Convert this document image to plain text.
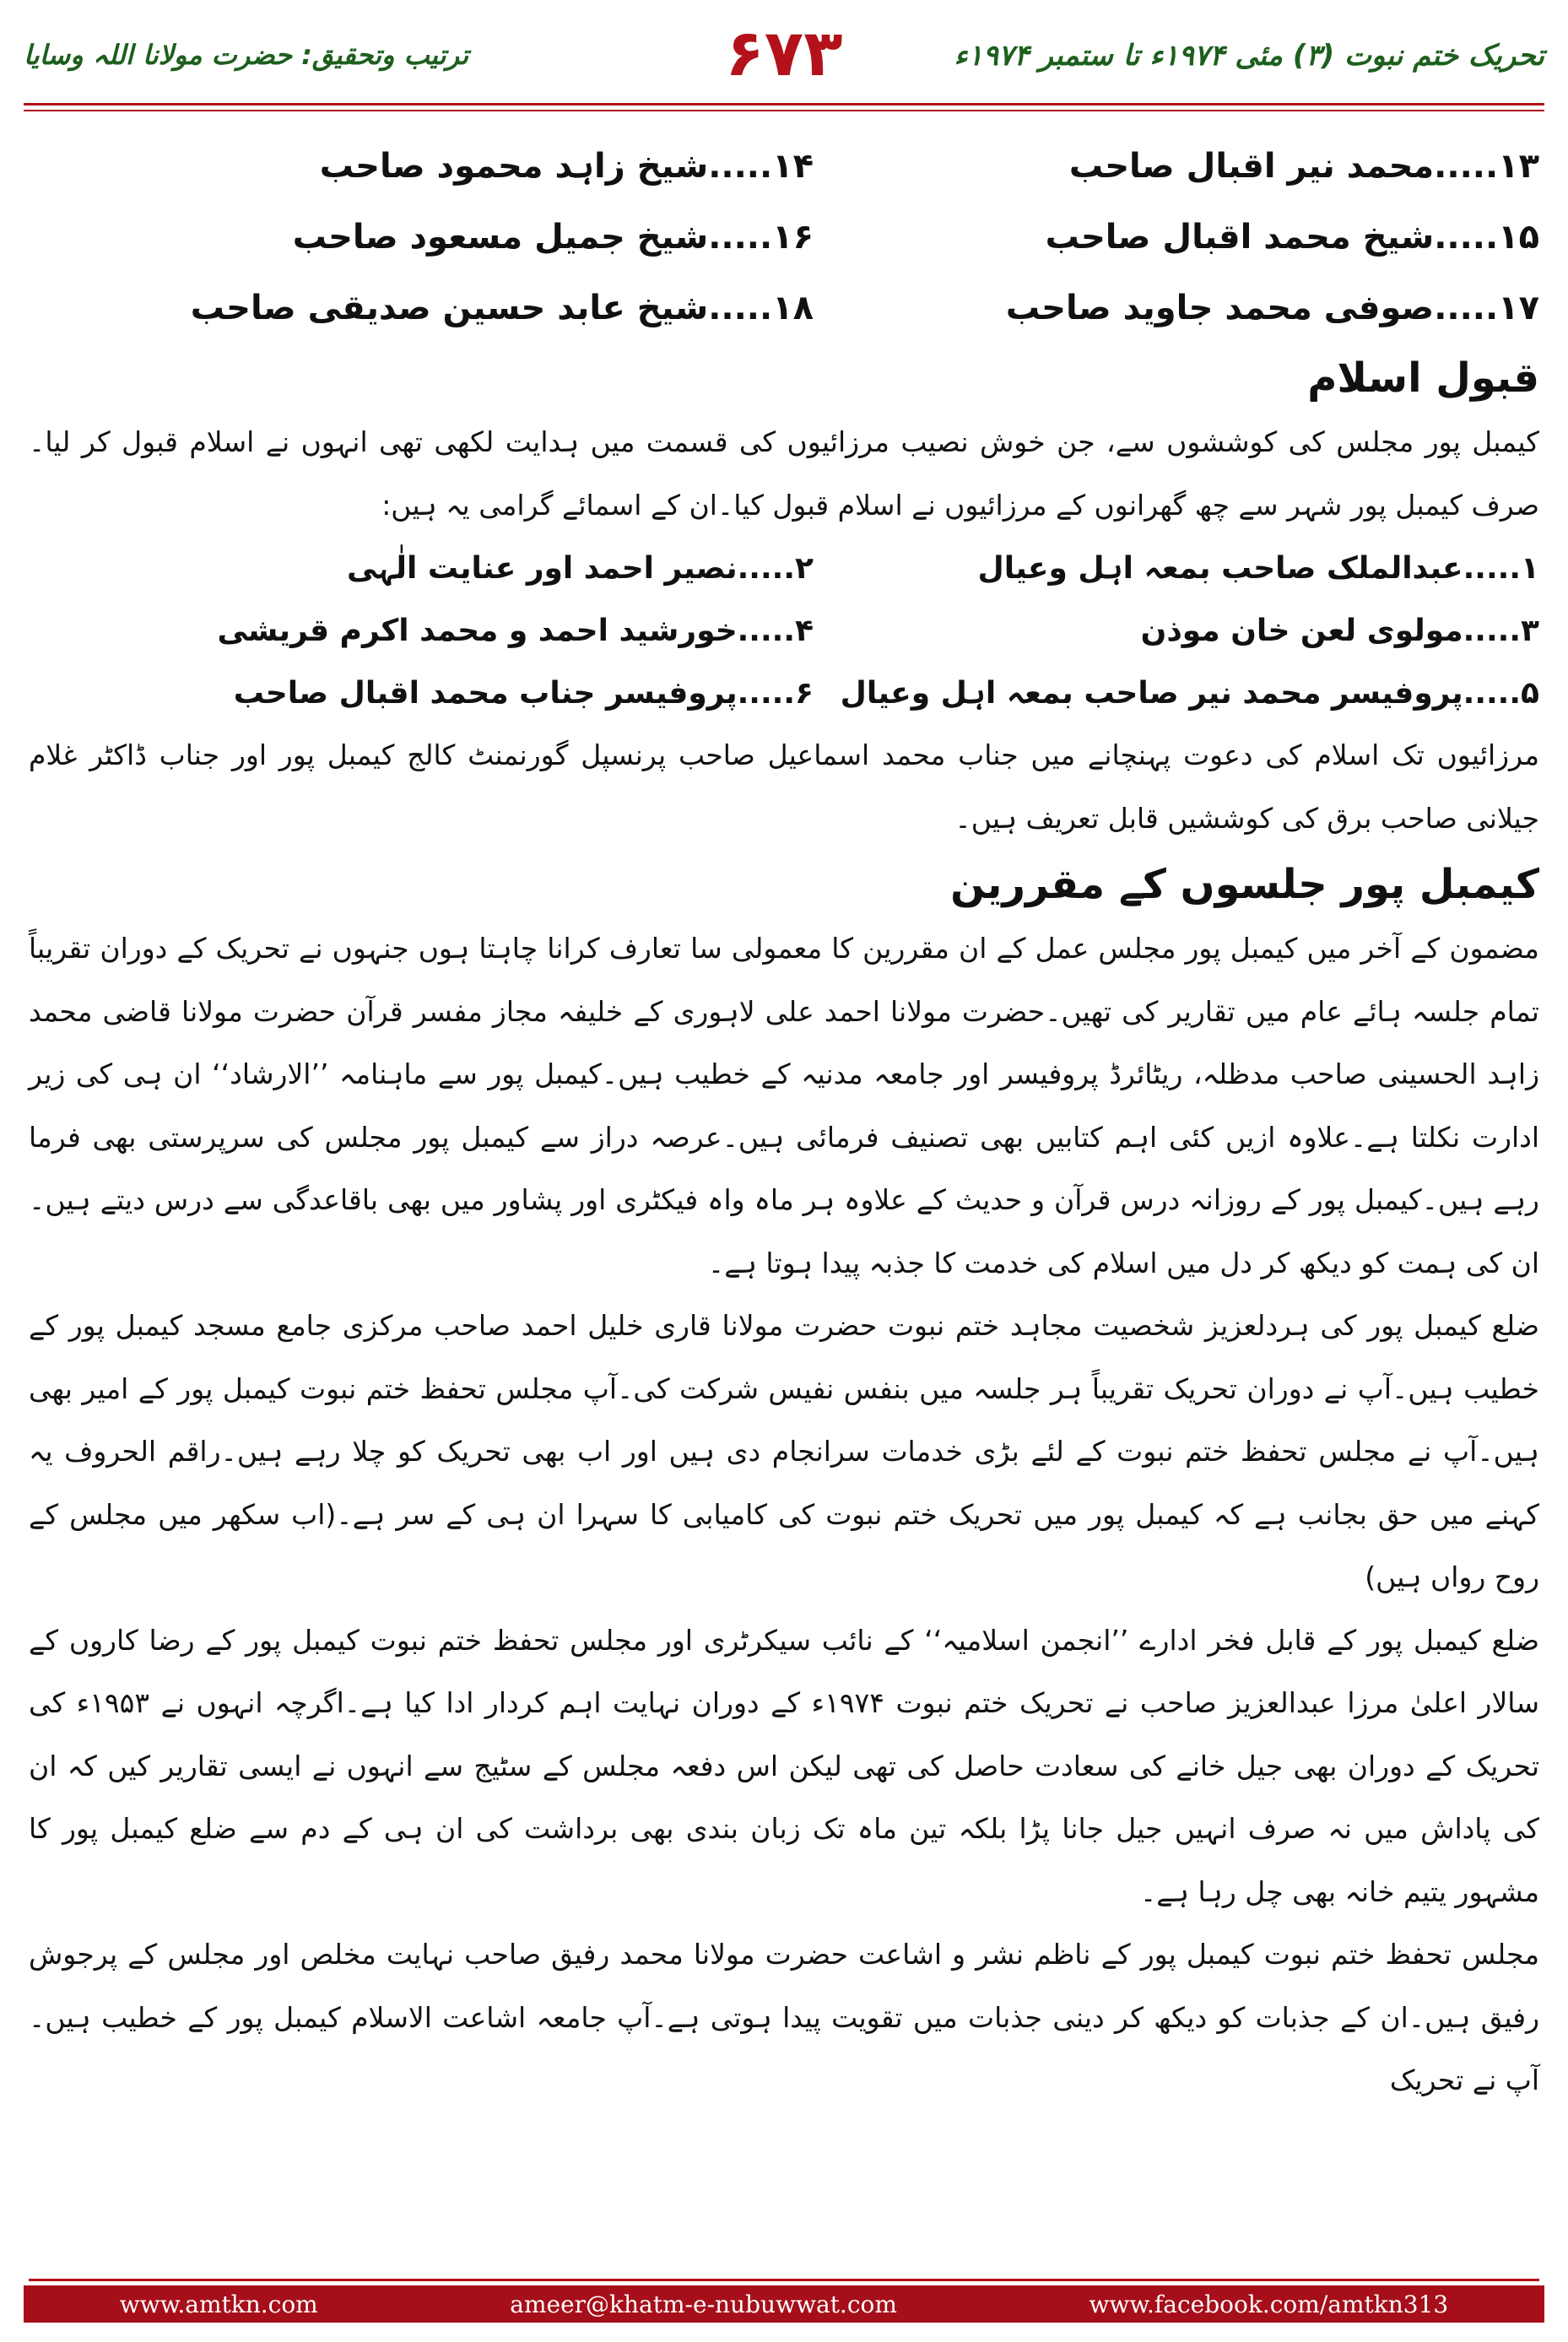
تحریک ختم نبوت (۳) مئی ۱۹۷۴ء تا ستمبر ۱۹۷۴ء
۶۷۳
ترتیب وتحقیق: حضرت مولانا اللہ وسایا
۱۳.....محمد نیر اقبال صاحب
۱۴.....شیخ زاہد محمود صاحب
۱۵.....شیخ محمد اقبال صاحب
۱۶.....شیخ جمیل مسعود صاحب
۱۷.....صوفی محمد جاوید صاحب
۱۸.....شیخ عابد حسین صدیقی صاحب
قبول اسلام

کیمبل پور مجلس کی کوششوں سے، جن خوش نصیب مرزائیوں کی قسمت میں ہدایت لکھی تھی انہوں نے اسلام قبول کر لیا۔صرف کیمبل پور شہر سے چھ گھرانوں کے مرزائیوں نے اسلام قبول کیا۔ان کے اسمائے گرامی یہ ہیں:

۱.....عبدالملک صاحب بمعہ اہل وعیال
۲.....نصیر احمد اور عنایت الٰہی
۳.....مولوی لعن خان موذن
۴.....خورشید احمد و محمد اکرم قریشی
۵.....پروفیسر محمد نیر صاحب بمعہ اہل وعیال
۶.....پروفیسر جناب محمد اقبال صاحب

مرزائیوں تک اسلام کی دعوت پہنچانے میں جناب محمد اسماعیل صاحب پرنسپل گورنمنٹ کالج کیمبل پور اور جناب ڈاکٹر غلام جیلانی صاحب برق کی کوششیں قابل تعریف ہیں۔

کیمبل پور جلسوں کے مقررین

مضمون کے آخر میں کیمبل پور مجلس عمل کے ان مقررین کا معمولی سا تعارف کرانا چاہتا ہوں جنہوں نے تحریک کے دوران تقریباً تمام جلسہ ہائے عام میں تقاریر کی تھیں۔حضرت مولانا احمد علی لاہوری کے خلیفہ مجاز مفسر قرآن حضرت مولانا قاضی محمد زاہد الحسینی صاحب مدظلہ، ریٹائرڈ پروفیسر اور جامعہ مدنیہ کے خطیب ہیں۔کیمبل پور سے ماہنامہ ’’الارشاد‘‘ ان ہی کی زیر ادارت نکلتا ہے۔علاوہ ازیں کئی اہم کتابیں بھی تصنیف فرمائی ہیں۔عرصہ دراز سے کیمبل پور مجلس کی سرپرستی بھی فرما رہے ہیں۔کیمبل پور کے روزانہ درس قرآن و حدیث کے علاوہ ہر ماہ واہ فیکٹری اور پشاور میں بھی باقاعدگی سے درس دیتے ہیں۔ان کی ہمت کو دیکھ کر دل میں اسلام کی خدمت کا جذبہ پیدا ہوتا ہے۔

ضلع کیمبل پور کی ہردلعزیز شخصیت مجاہد ختم نبوت حضرت مولانا قاری خلیل احمد صاحب مرکزی جامع مسجد کیمبل پور کے خطیب ہیں۔آپ نے دوران تحریک تقریباً ہر جلسہ میں بنفس نفیس شرکت کی۔آپ مجلس تحفظ ختم نبوت کیمبل پور کے امیر بھی ہیں۔آپ نے مجلس تحفظ ختم نبوت کے لئے بڑی خدمات سرانجام دی ہیں اور اب بھی تحریک کو چلا رہے ہیں۔راقم الحروف یہ کہنے میں حق بجانب ہے کہ کیمبل پور میں تحریک ختم نبوت کی کامیابی کا سہرا ان ہی کے سر ہے۔(اب سکھر میں مجلس کے روح رواں ہیں)

ضلع کیمبل پور کے قابل فخر ادارے ’’انجمن اسلامیہ‘‘ کے نائب سیکرٹری اور مجلس تحفظ ختم نبوت کیمبل پور کے رضا کاروں کے سالار اعلیٰ مرزا عبدالعزیز صاحب نے تحریک ختم نبوت ۱۹۷۴ء کے دوران نہایت اہم کردار ادا کیا ہے۔اگرچہ انہوں نے ۱۹۵۳ء کی تحریک کے دوران بھی جیل خانے کی سعادت حاصل کی تھی لیکن اس دفعہ مجلس کے سٹیج سے انہوں نے ایسی تقاریر کیں کہ ان کی پاداش میں نہ صرف انہیں جیل جانا پڑا بلکہ تین ماہ تک زبان بندی بھی برداشت کی ان ہی کے دم سے ضلع کیمبل پور کا مشہور یتیم خانہ بھی چل رہا ہے۔

مجلس تحفظ ختم نبوت کیمبل پور کے ناظم نشر و اشاعت حضرت مولانا محمد رفیق صاحب نہایت مخلص اور مجلس کے پرجوش رفیق ہیں۔ان کے جذبات کو دیکھ کر دینی جذبات میں تقویت پیدا ہوتی ہے۔آپ جامعہ اشاعت الاسلام کیمبل پور کے خطیب ہیں۔آپ نے تحریک

www.amtkn.com	ameer@khatm-e-nubuwwat.com	www.facebook.com/amtkn313
